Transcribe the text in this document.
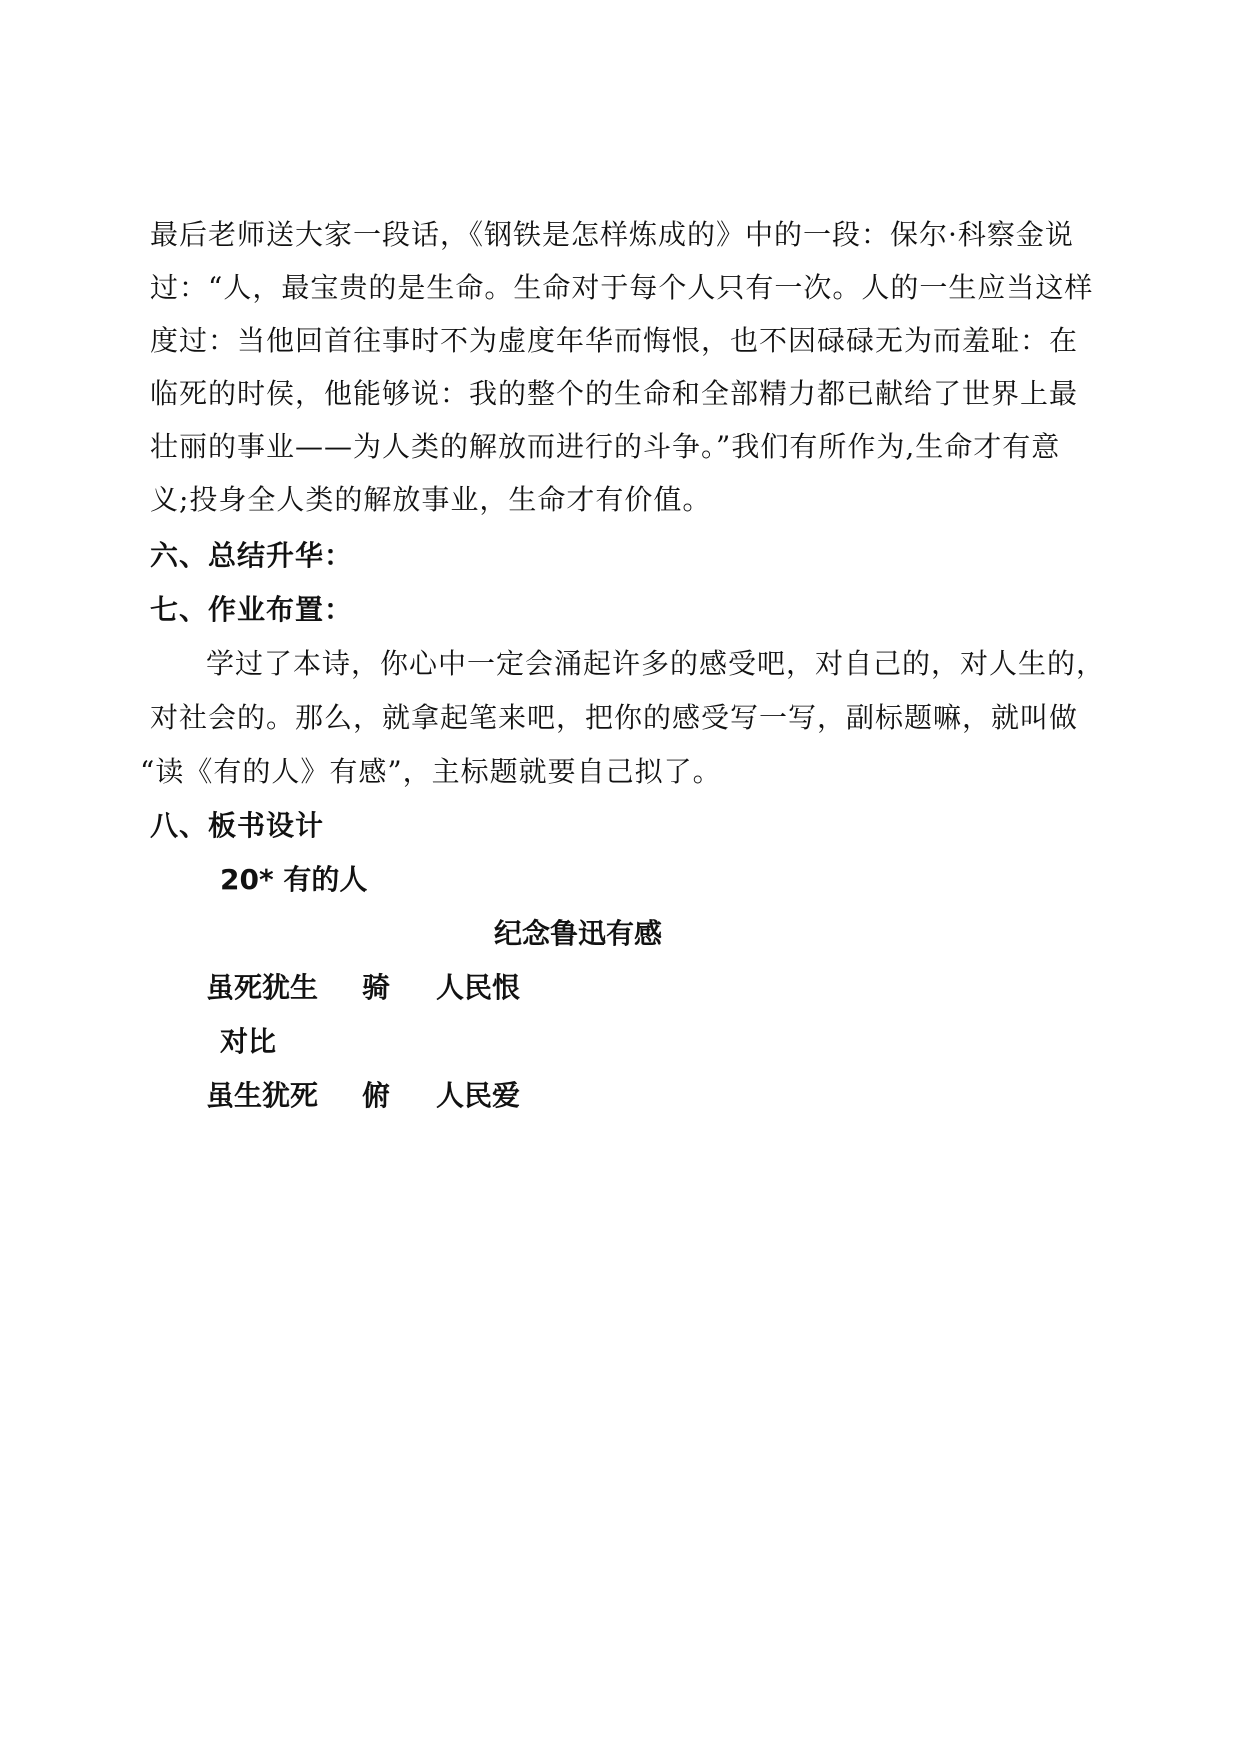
最后老师送大家一段话，《钢铁是怎样炼成的》中的一段：保尔·科察金说
过：“人，最宝贵的是生命。生命对于每个人只有一次。人的一生应当这样
度过：当他回首往事时不为虚度年华而悔恨，也不因碌碌无为而羞耻：在
临死的时侯，他能够说：我的整个的生命和全部精力都已献给了世界上最
壮丽的事业——为人类的解放而进行的斗争。”我们有所作为,生命才有意
义;投身全人类的解放事业，生命才有价值。
六、总结升华：
七、作业布置：
学过了本诗，你心中一定会涌起许多的感受吧，对自己的，对人生的，
对社会的。那么，就拿起笔来吧，把你的感受写一写，副标题嘛，就叫做
“读《有的人》有感”，主标题就要自己拟了。
八、板书设计
20* 有的人
纪念鲁迅有感
虽死犹生 骑 人民恨
对比
虽生犹死 俯 人民爱
